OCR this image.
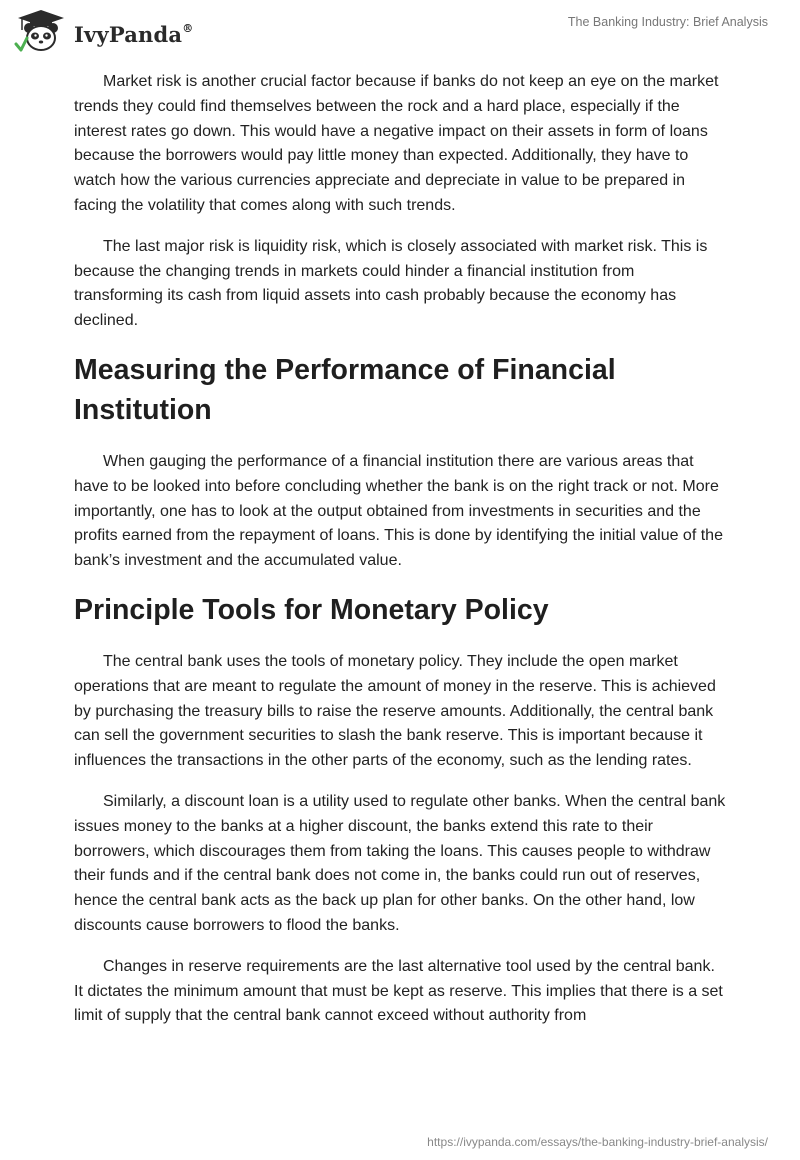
IvyPanda®	The Banking Industry: Brief Analysis

Market risk is another crucial factor because if banks do not keep an eye on the market trends they could find themselves between the rock and a hard place, especially if the interest rates go down. This would have a negative impact on their assets in form of loans because the borrowers would pay little money than expected. Additionally, they have to watch how the various currencies appreciate and depreciate in value to be prepared in facing the volatility that comes along with such trends.

The last major risk is liquidity risk, which is closely associated with market risk. This is because the changing trends in markets could hinder a financial institution from transforming its cash from liquid assets into cash probably because the economy has declined.

Measuring the Performance of Financial Institution

When gauging the performance of a financial institution there are various areas that have to be looked into before concluding whether the bank is on the right track or not. More importantly, one has to look at the output obtained from investments in securities and the profits earned from the repayment of loans. This is done by identifying the initial value of the bank’s investment and the accumulated value.

Principle Tools for Monetary Policy

The central bank uses the tools of monetary policy. They include the open market operations that are meant to regulate the amount of money in the reserve. This is achieved by purchasing the treasury bills to raise the reserve amounts. Additionally, the central bank can sell the government securities to slash the bank reserve. This is important because it influences the transactions in the other parts of the economy, such as the lending rates.

Similarly, a discount loan is a utility used to regulate other banks. When the central bank issues money to the banks at a higher discount, the banks extend this rate to their borrowers, which discourages them from taking the loans. This causes people to withdraw their funds and if the central bank does not come in, the banks could run out of reserves, hence the central bank acts as the back up plan for other banks. On the other hand, low discounts cause borrowers to flood the banks.

Changes in reserve requirements are the last alternative tool used by the central bank. It dictates the minimum amount that must be kept as reserve. This implies that there is a set limit of supply that the central bank cannot exceed without authority from

https://ivypanda.com/essays/the-banking-industry-brief-analysis/
